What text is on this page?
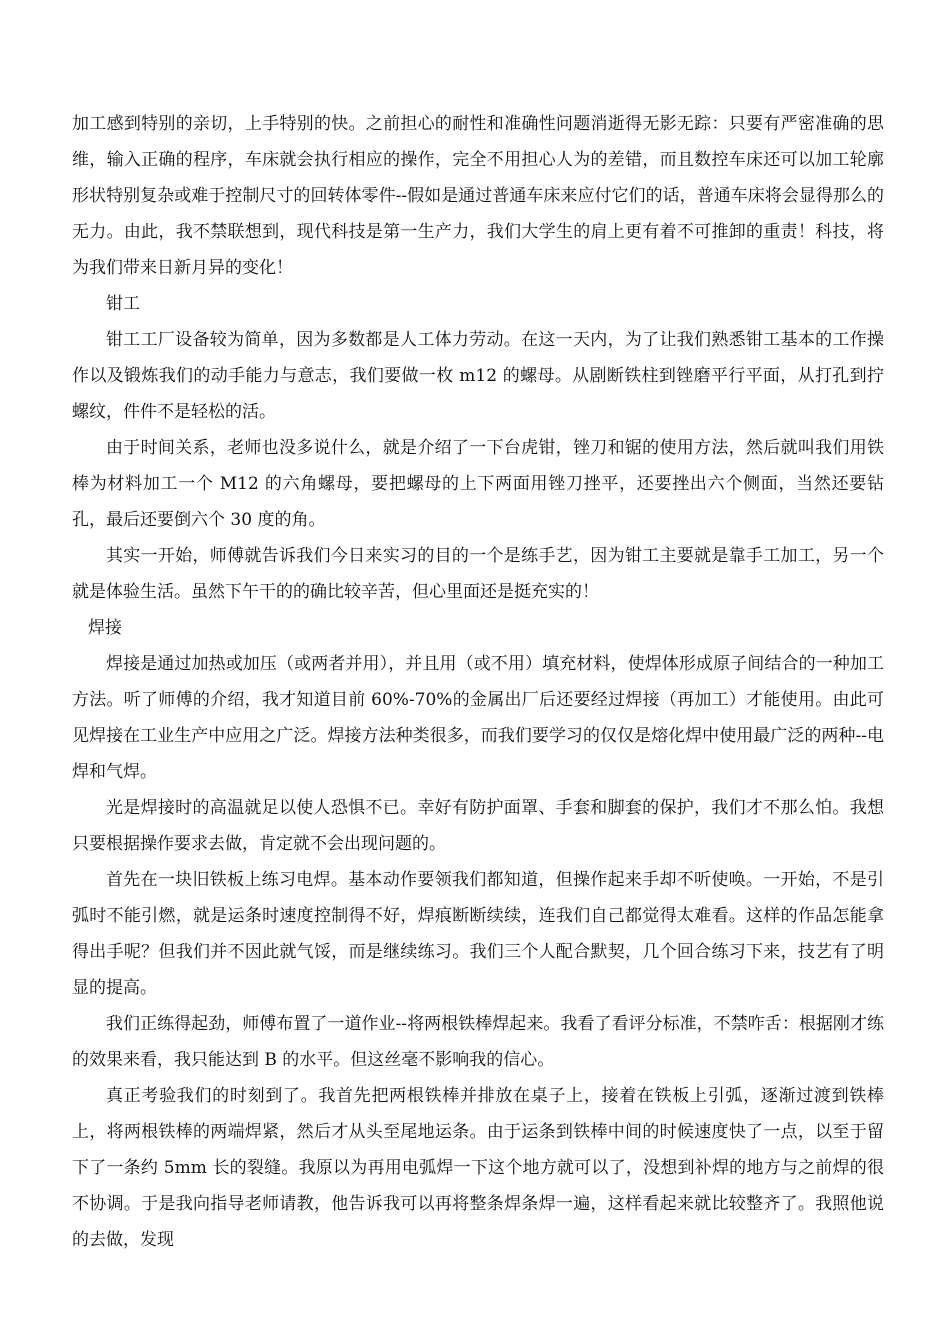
加工感到特别的亲切，上手特别的快。之前担心的耐性和准确性问题消逝得无影无踪：只要有严密准确的思维，输入正确的程序，车床就会执行相应的操作，完全不用担心人为的差错，而且数控车床还可以加工轮廓形状特别复杂或难于控制尺寸的回转体零件--假如是通过普通车床来应付它们的话，普通车床将会显得那么的无力。由此，我不禁联想到，现代科技是第一生产力，我们大学生的肩上更有着不可推卸的重责！科技，将为我们带来日新月异的变化！

钳工

钳工工厂设备较为简单，因为多数都是人工体力劳动。在这一天内，为了让我们熟悉钳工基本的工作操作以及锻炼我们的动手能力与意志，我们要做一枚 m12 的螺母。从剧断铁柱到锉磨平行平面，从打孔到拧螺纹，件件不是轻松的活。

由于时间关系，老师也没多说什么，就是介绍了一下台虎钳，锉刀和锯的使用方法，然后就叫我们用铁棒为材料加工一个 M12 的六角螺母，要把螺母的上下两面用锉刀挫平，还要挫出六个侧面，当然还要钻孔，最后还要倒六个 30 度的角。

其实一开始，师傅就告诉我们今日来实习的目的一个是练手艺，因为钳工主要就是靠手工加工，另一个就是体验生活。虽然下午干的的确比较辛苦，但心里面还是挺充实的！

焊接

焊接是通过加热或加压（或两者并用），并且用（或不用）填充材料，使焊体形成原子间结合的一种加工方法。听了师傅的介绍，我才知道目前 60%-70%的金属出厂后还要经过焊接（再加工）才能使用。由此可见焊接在工业生产中应用之广泛。焊接方法种类很多，而我们要学习的仅仅是熔化焊中使用最广泛的两种--电焊和气焊。

光是焊接时的高温就足以使人恐惧不已。幸好有防护面罩、手套和脚套的保护，我们才不那么怕。我想只要根据操作要求去做，肯定就不会出现问题的。

首先在一块旧铁板上练习电焊。基本动作要领我们都知道，但操作起来手却不听使唤。一开始，不是引弧时不能引燃，就是运条时速度控制得不好，焊痕断断续续，连我们自己都觉得太难看。这样的作品怎能拿得出手呢？但我们并不因此就气馁，而是继续练习。我们三个人配合默契，几个回合练习下来，技艺有了明显的提高。

我们正练得起劲，师傅布置了一道作业--将两根铁棒焊起来。我看了看评分标准，不禁咋舌：根据刚才练的效果来看，我只能达到 B 的水平。但这丝毫不影响我的信心。

真正考验我们的时刻到了。我首先把两根铁棒并排放在桌子上，接着在铁板上引弧，逐渐过渡到铁棒上，将两根铁棒的两端焊紧，然后才从头至尾地运条。由于运条到铁棒中间的时候速度快了一点，以至于留下了一条约 5mm 长的裂缝。我原以为再用电弧焊一下这个地方就可以了，没想到补焊的地方与之前焊的很不协调。于是我向指导老师请教，他告诉我可以再将整条焊条焊一遍，这样看起来就比较整齐了。我照他说的去做，发现
